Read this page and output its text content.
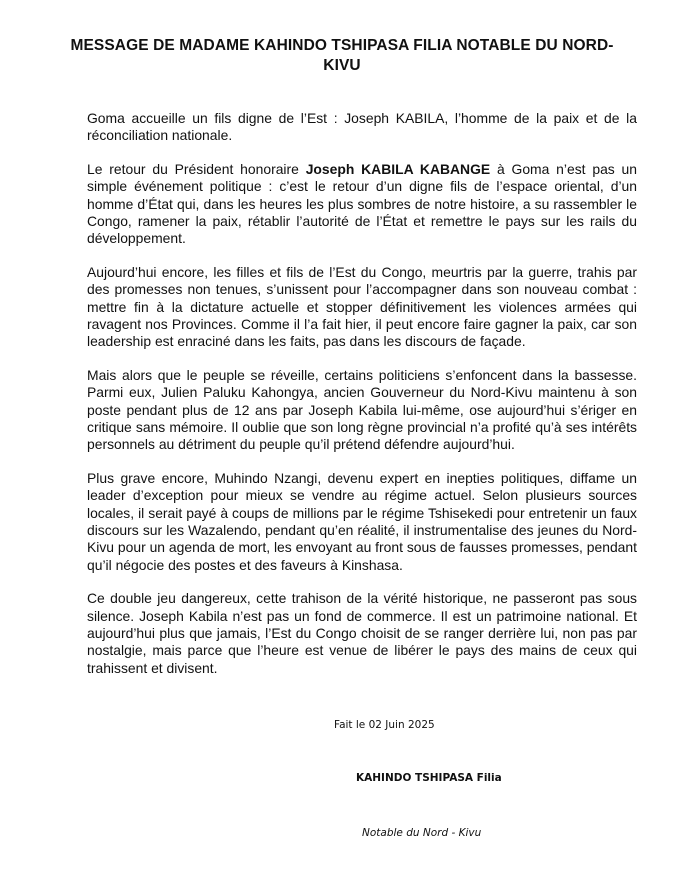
MESSAGE DE MADAME KAHINDO TSHIPASA FILIA NOTABLE DU NORD-KIVU

Goma accueille un fils digne de l’Est : Joseph KABILA, l’homme de la paix et de la réconciliation nationale.

Le retour du Président honoraire Joseph KABILA KABANGE à Goma n’est pas un simple événement politique : c’est le retour d’un digne fils de l’espace oriental, d’un homme d’État qui, dans les heures les plus sombres de notre histoire, a su rassembler le Congo, ramener la paix, rétablir l’autorité de l’État et remettre le pays sur les rails du développement.

Aujourd’hui encore, les filles et fils de l’Est du Congo, meurtris par la guerre, trahis par des promesses non tenues, s’unissent pour l’accompagner dans son nouveau combat : mettre fin à la dictature actuelle et stopper définitivement les violences armées qui ravagent nos Provinces. Comme il l’a fait hier, il peut encore faire gagner la paix, car son leadership est enraciné dans les faits, pas dans les discours de façade.

Mais alors que le peuple se réveille, certains politiciens s’enfoncent dans la bassesse. Parmi eux, Julien Paluku Kahongya, ancien Gouverneur du Nord-Kivu maintenu à son poste pendant plus de 12 ans par Joseph Kabila lui-même, ose aujourd’hui s’ériger en critique sans mémoire. Il oublie que son long règne provincial n’a profité qu’à ses intérêts personnels au détriment du peuple qu’il prétend défendre aujourd’hui.

Plus grave encore, Muhindo Nzangi, devenu expert en inepties politiques, diffame un leader d’exception pour mieux se vendre au régime actuel. Selon plusieurs sources locales, il serait payé à coups de millions par le régime Tshisekedi pour entretenir un faux discours sur les Wazalendo, pendant qu’en réalité, il instrumentalise des jeunes du Nord-Kivu pour un agenda de mort, les envoyant au front sous de fausses promesses, pendant qu’il négocie des postes et des faveurs à Kinshasa.

Ce double jeu dangereux, cette trahison de la vérité historique, ne passeront pas sous silence. Joseph Kabila n’est pas un fond de commerce. Il est un patrimoine national. Et aujourd’hui plus que jamais, l’Est du Congo choisit de se ranger derrière lui, non pas par nostalgie, mais parce que l’heure est venue de libérer le pays des mains de ceux qui trahissent et divisent.

Fait le 02 Juin 2025
KAHINDO TSHIPASA Filia
Notable du Nord - Kivu
